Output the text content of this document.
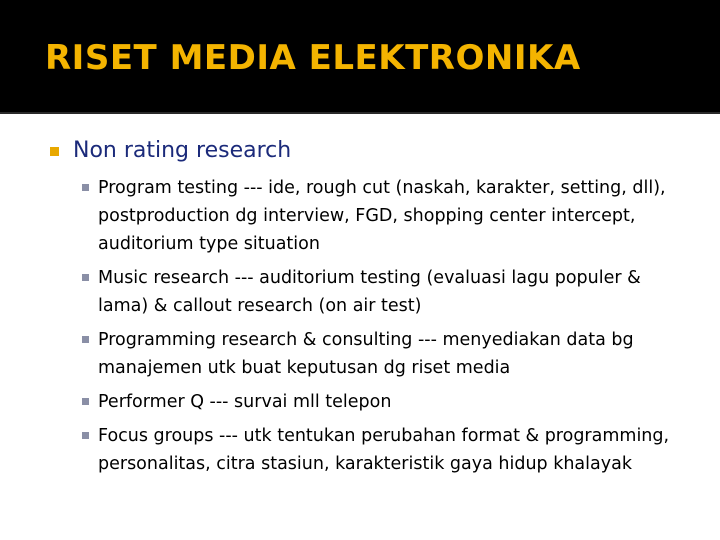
RISET MEDIA ELEKTRONIKA
Non rating research
Program testing --- ide, rough cut (naskah, karakter, setting, dll), postproduction dg interview, FGD, shopping center intercept, auditorium type situation
Music research --- auditorium testing (evaluasi lagu populer & lama) & callout research (on air test)
Programming research & consulting --- menyediakan data bg manajemen utk buat keputusan dg riset media
Performer Q --- survai mll telepon
Focus groups --- utk tentukan perubahan format & programming, personalitas, citra stasiun, karakteristik gaya hidup khalayak
